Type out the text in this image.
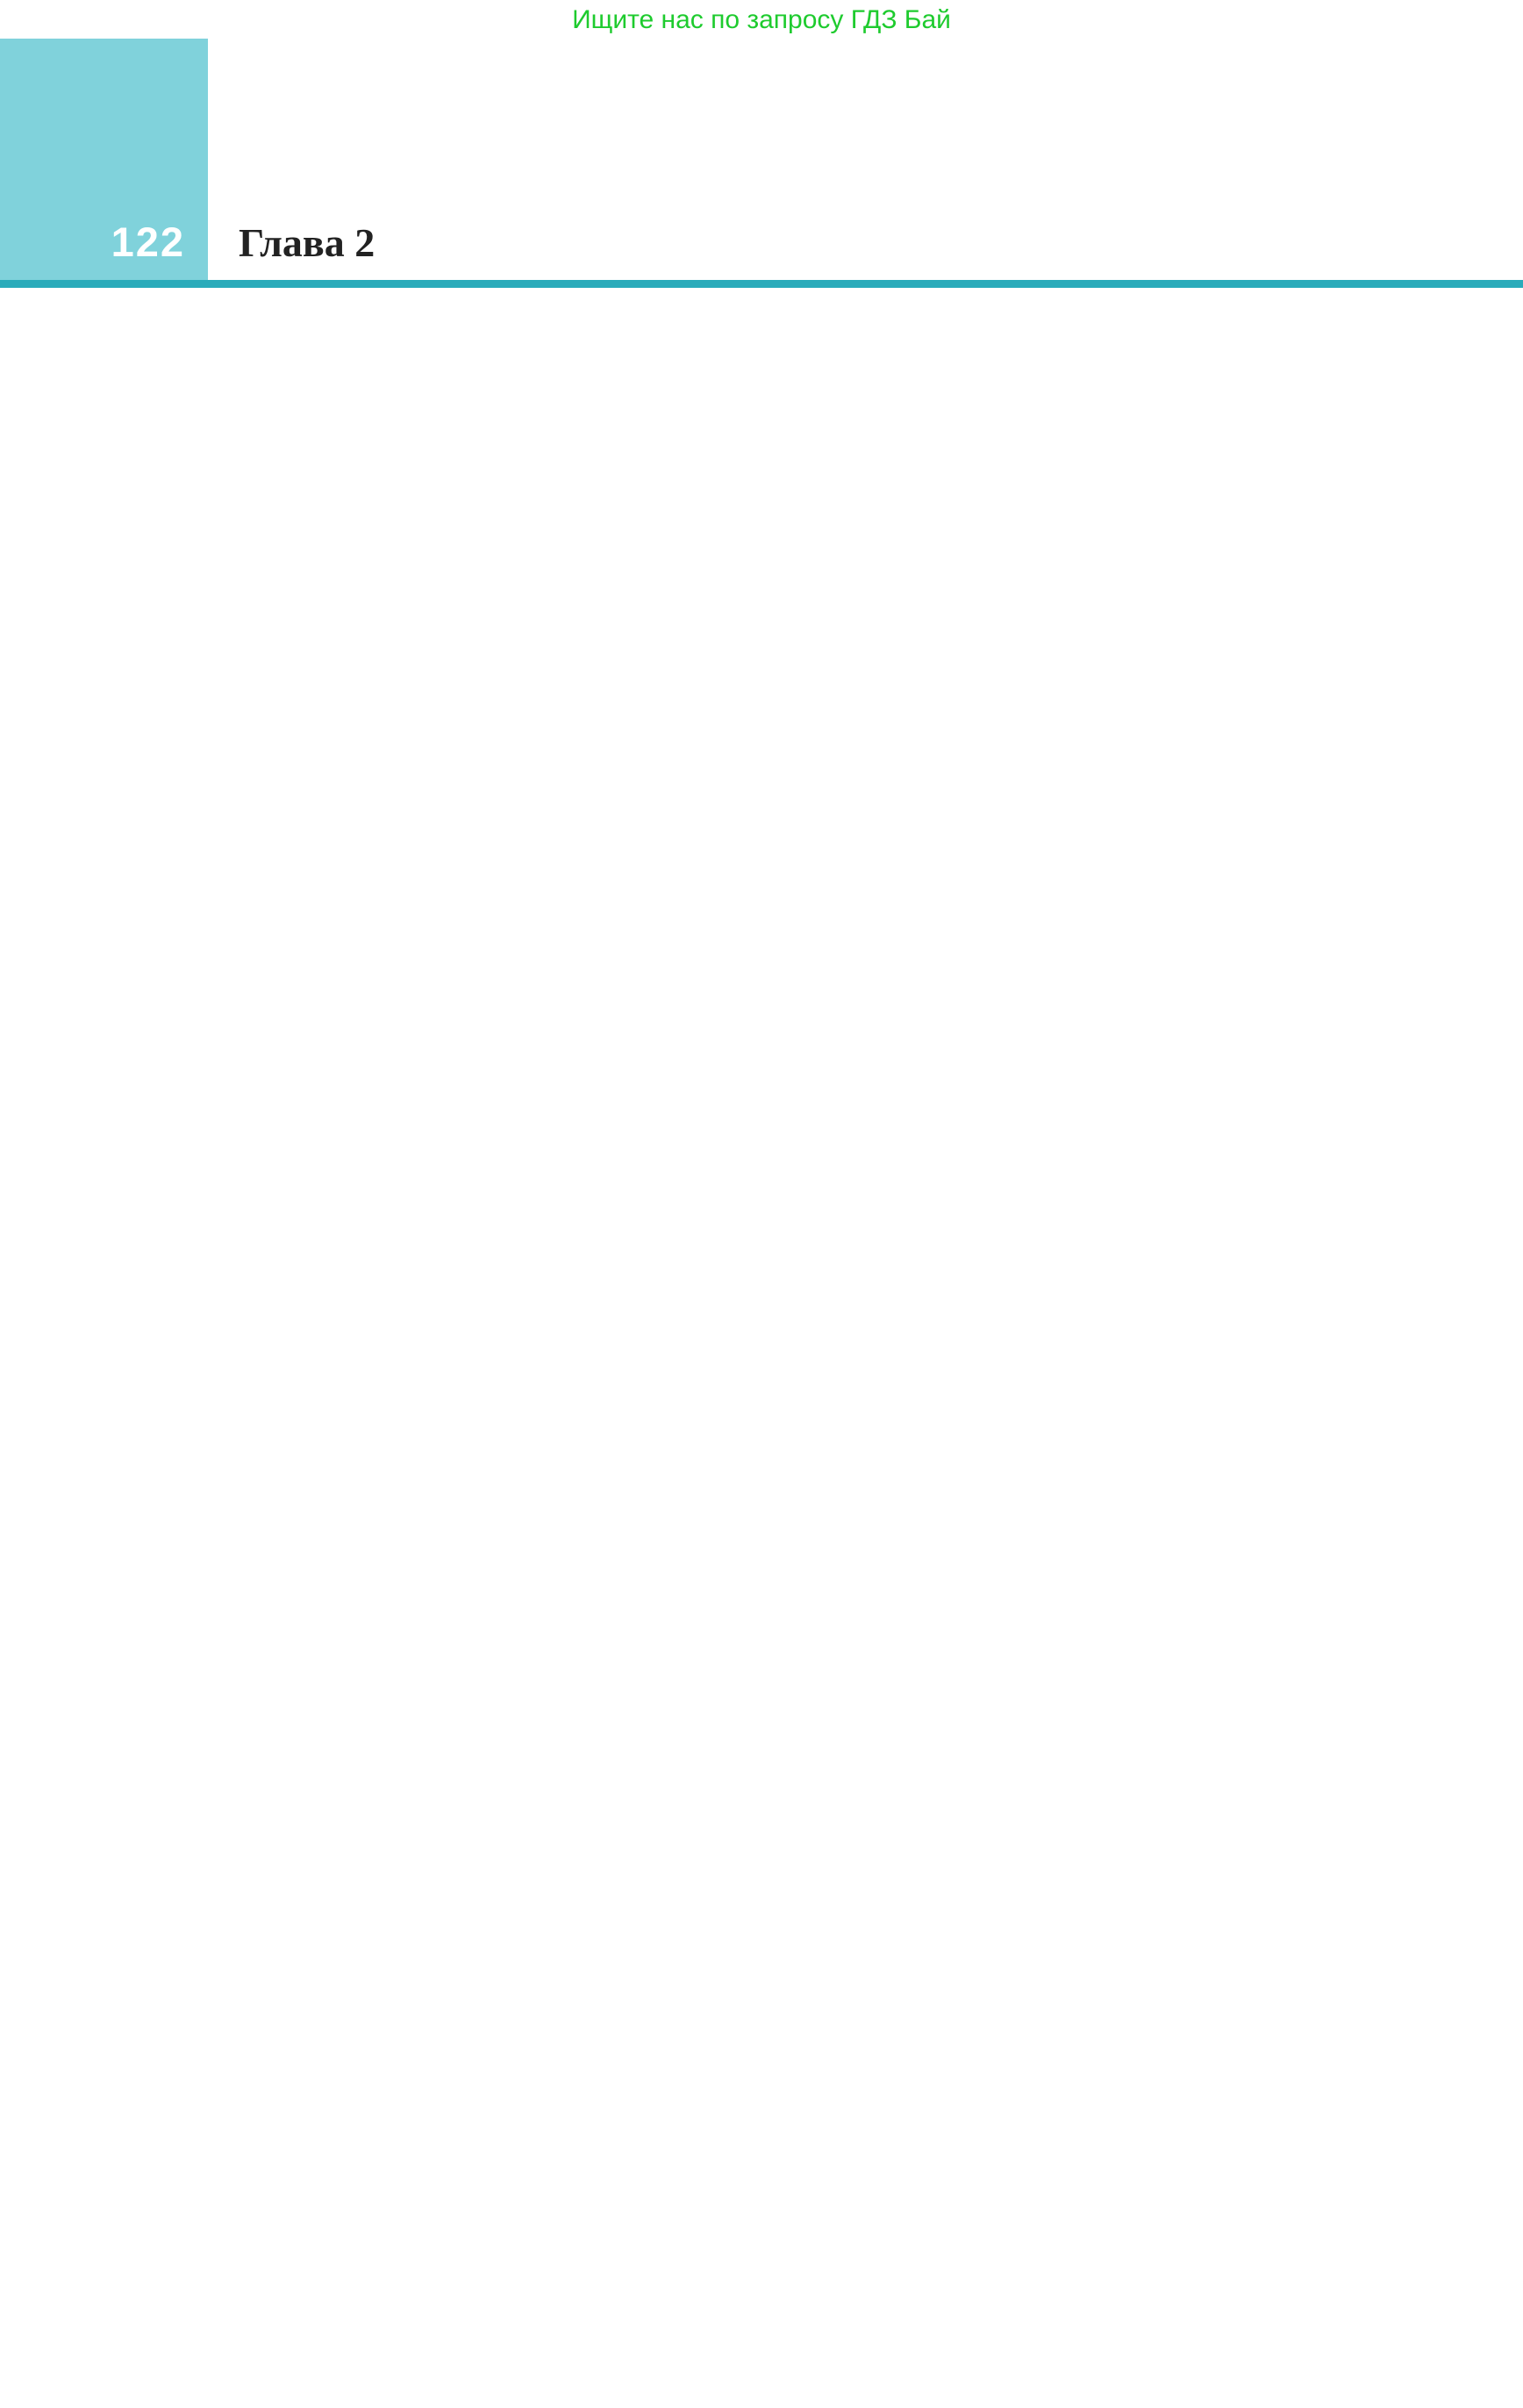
Ищите нас по запросу ГДЗ Бай
122 Глава 2
